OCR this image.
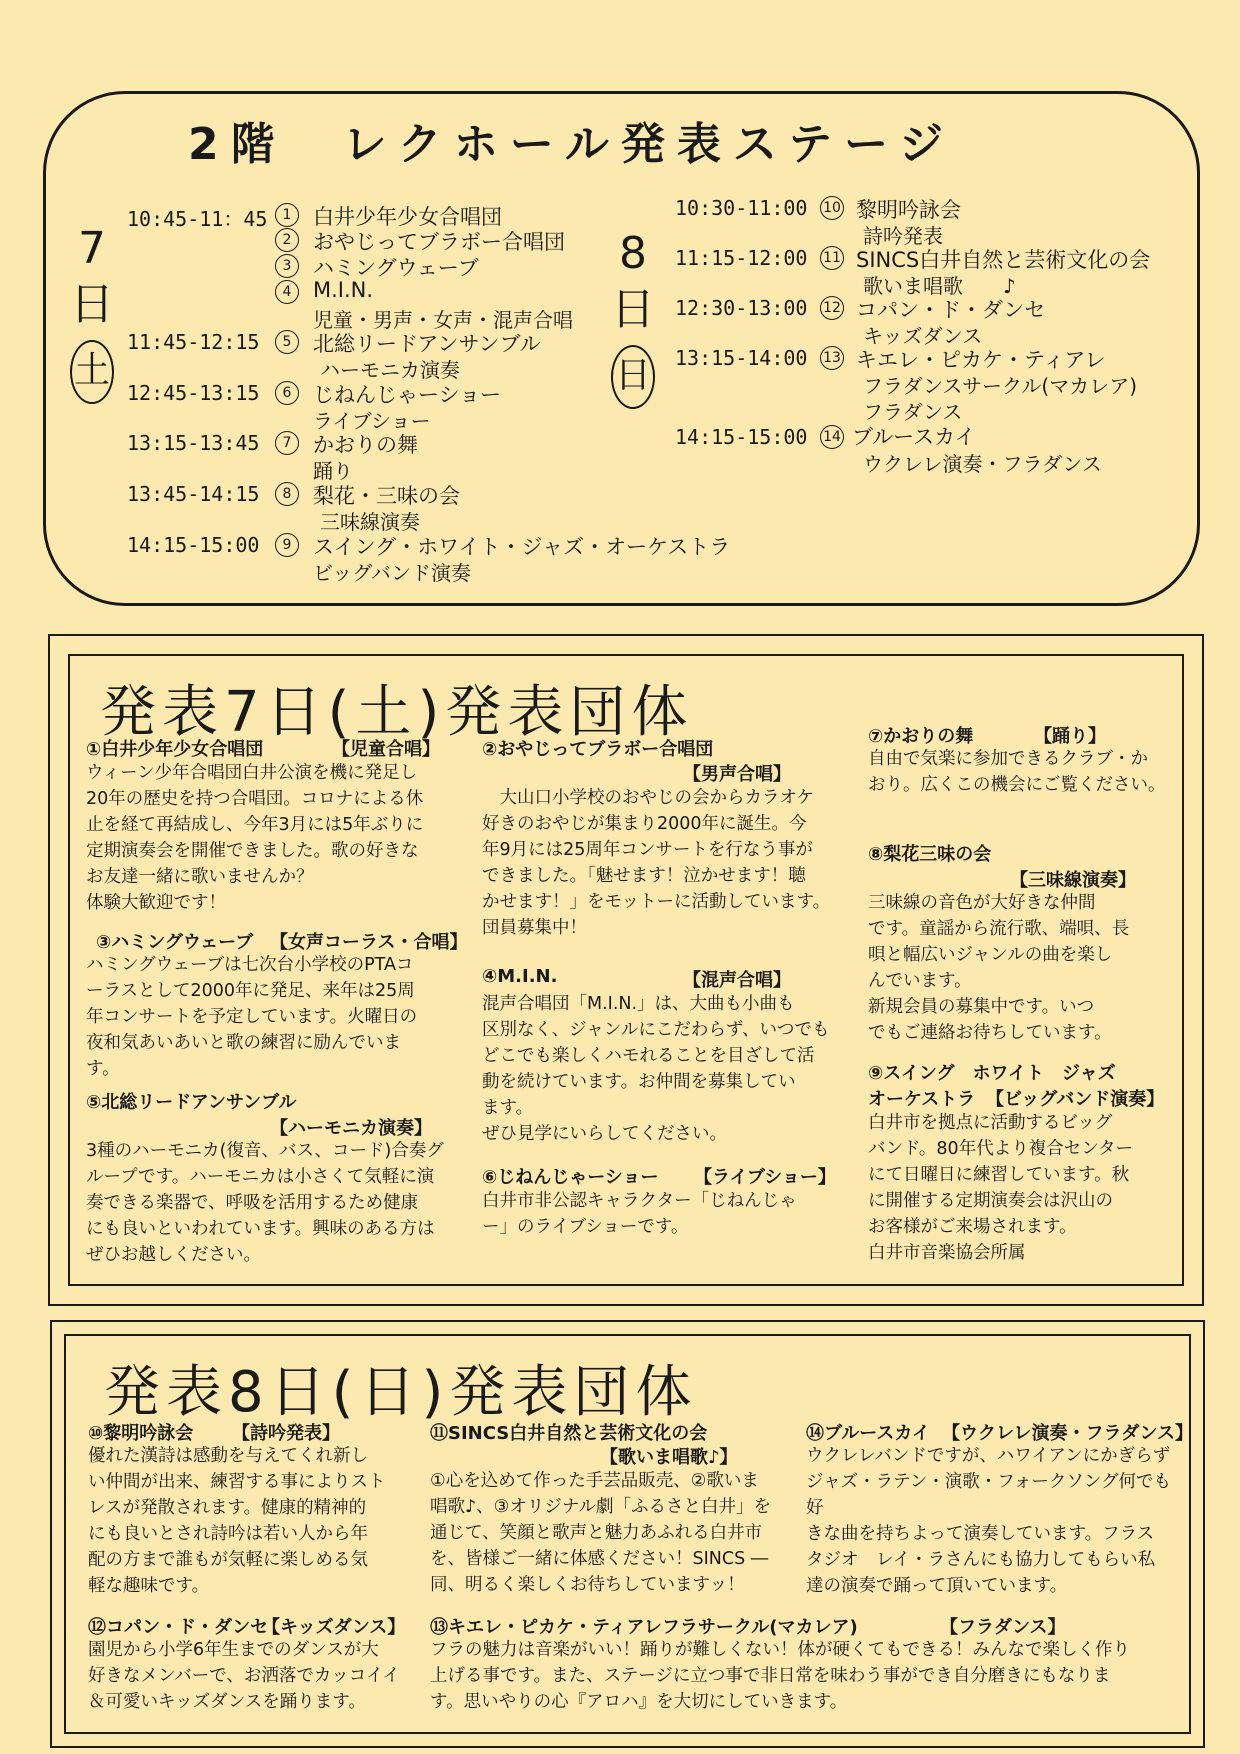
2階　レクホール発表ステージ
7
日
土
8
日
日
10:45-11：45	1	白井少年少女合唱団
2	おやじってブラボー合唱団
3	ハミングウェーブ
4	M.I.N.
児童・男声・女声・混声合唱
11:45-12:15	5	北総リードアンサンブル
ハーモニカ演奏
12:45-13:15	6	じねんじゃーショー
ライブショー
13:15-13:45	7	かおりの舞
踊り
13:45-14:15	8	梨花・三味の会
三味線演奏
14:15-15:00	9	スイング・ホワイト・ジャズ・オーケストラ
ビッグバンド演奏
10:30-11:00 10 黎明吟詠会
詩吟発表
11:15-12:00 11 SINCS白井自然と芸術文化の会
歌いま唱歌　　♪
12:30-13:00 12 コパン・ド・ダンセ
キッズダンス
13:15-14:00 13 キエレ・ピカケ・ティアレ
フラダンスサークル(マカレア)
フラダンス
14:15-15:00 14 ブルースカイ
ウクレレ演奏・フラダンス
発表7日(土)発表団体
①白井少年少女合唱団	【児童合唱】
ウィーン少年合唱団白井公演を機に発足し
20年の歴史を持つ合唱団。コロナによる休
止を経て再結成し、今年3月には5年ぶりに
定期演奏会を開催できました。歌の好きな
お友達一緒に歌いませんか？
体験大歓迎です！
③ハミングウェーブ 【女声コーラス・合唱】
ハミングウェーブは七次台小学校のPTAコ
ーラスとして2000年に発足、来年は25周
年コンサートを予定しています。火曜日の
夜和気あいあいと歌の練習に励んでいま
す。
⑤北総リードアンサンブル
【ハーモニカ演奏】
3種のハーモニカ(復音、バス、コード)合奏グ
ループです。ハーモニカは小さくて気軽に演
奏できる楽器で、呼吸を活用するため健康
にも良いといわれています。興味のある方は
ぜひお越しください。
②おやじってブラボー合唱団
【男声合唱】
　大山口小学校のおやじの会からカラオケ
好きのおやじが集まり2000年に誕生。今
年9月には25周年コンサートを行なう事が
できました。「魅せます！泣かせます！聴
かせます！」をモットーに活動しています。
団員募集中！
④M.I.N.	【混声合唱】
混声合唱団「M.I.N.」は、大曲も小曲も
区別なく、ジャンルにこだわらず、いつでも
どこでも楽しくハモれることを目ざして活
動を続けています。お仲間を募集してい
ます。
ぜひ見学にいらしてください。
⑥じねんじゃーショー 【ライブショー】
白井市非公認キャラクター「じねんじゃ
ー」のライブショーです。
⑦かおりの舞	【踊り】
自由で気楽に参加できるクラブ・か
おり。広くこの機会にご覧ください。
⑧梨花三味の会
【三味線演奏】
三味線の音色が大好きな仲間
です。童謡から流行歌、端唄、長
唄と幅広いジャンルの曲を楽し
んでいます。
新規会員の募集中です。いつ
でもご連絡お待ちしています。
⑨スイング　ホワイト　ジャズ
オーケストラ 【ビッグバンド演奏】
白井市を拠点に活動するビッグ
バンド。80年代より複合センター
にて日曜日に練習しています。秋
に開催する定期演奏会は沢山の
お客様がご来場されます。
白井市音楽協会所属
発表8日(日)発表団体
⑩黎明吟詠会 【詩吟発表】
優れた漢詩は感動を与えてくれ新し
い仲間が出来、練習する事によりスト
レスが発散されます。健康的精神的
にも良いとされ詩吟は若い人から年
配の方まで誰もが気軽に楽しめる気
軽な趣味です。
⑪SINCS白井自然と芸術文化の会
【歌いま唱歌♪】
①心を込めて作った手芸品販売、②歌いま
唱歌♪、③オリジナル劇「ふるさと白井」を
通じて、笑顔と歌声と魅力あふれる白井市
を、皆様ご一緒に体感ください！SINCS ―
同、明るく楽しくお待ちしていますッ！
⑭ブルースカイ 【ウクレレ演奏・フラダンス】
ウクレレバンドですが、ハワイアンにかぎらず
ジャズ・ラテン・演歌・フォークソング何でも好
きな曲を持ちよって演奏しています。フラス
タジオ　レイ・ラさんにも協力してもらい私
達の演奏で踊って頂いています。
⑫コパン・ド・ダンセ
【キッズダンス】
園児から小学6年生までのダンスが大
好きなメンバーで、お洒落でカッコイイ
＆可愛いキッズダンスを踊ります。
⑬キエレ・ピカケ・ティアレフラサークル(マカレア)	【フラダンス】
フラの魅力は音楽がいい！踊りが難しくない！体が硬くてもできる！みんなで楽しく作り
上げる事です。また、ステージに立つ事で非日常を味わう事ができ自分磨きにもなりま
す。思いやりの心『アロハ』を大切にしていきます。
